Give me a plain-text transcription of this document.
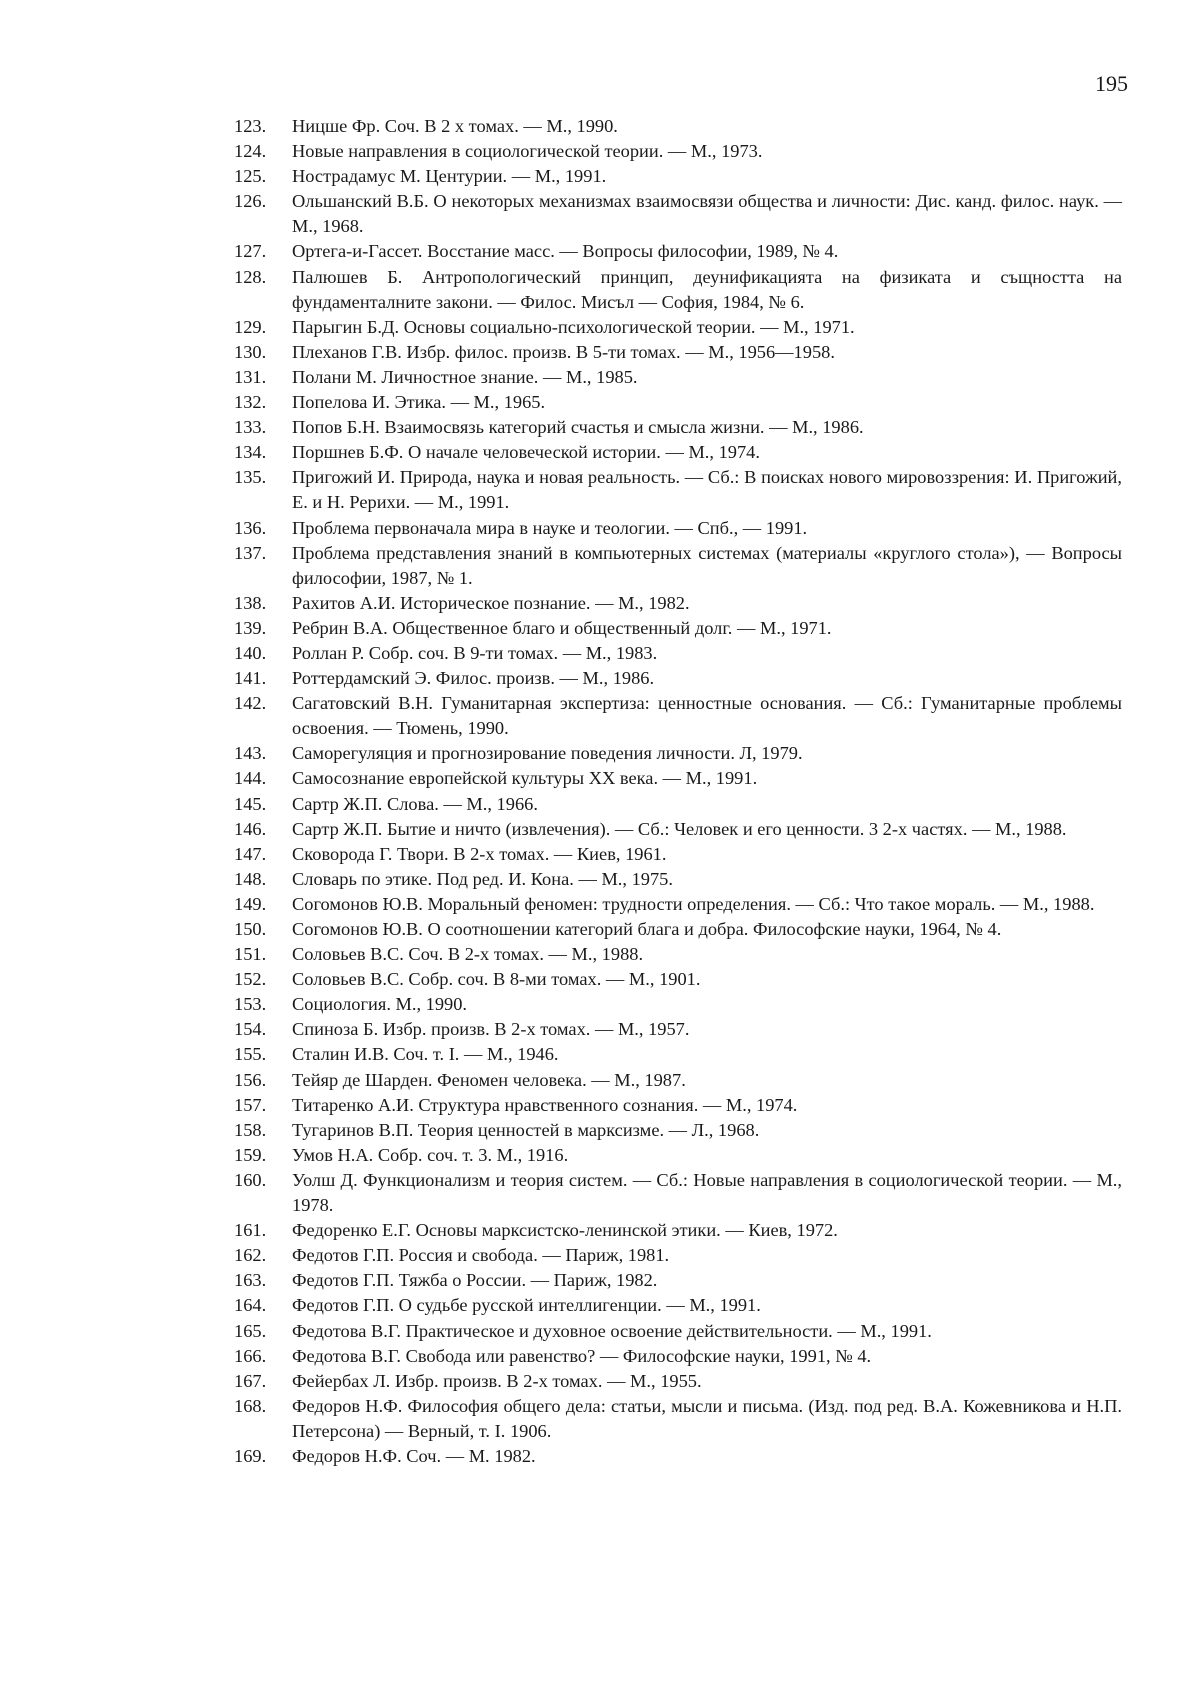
195
123.	Ницше Фр. Соч. В 2 х томах. — М., 1990.
124.	Новые направления в социологической теории. — М., 1973.
125.	Нострадамус М. Центурии. — М., 1991.
126.	Ольшанский В.Б. О некоторых механизмах взаимосвязи общества и личности: Дис. канд. филос. наук. — М., 1968.
127.	Ортега-и-Гассет. Восстание масс. — Вопросы философии, 1989, № 4.
128.	Палюшев Б. Антропологический принцип, деунификацията на физиката и същността на фундаменталните закони. — Филос. Мисъл — София, 1984, № 6.
129.	Парыгин Б.Д. Основы социально-психологической теории. — М., 1971.
130.	Плеханов Г.В. Избр. филос. произв. В 5-ти томах. — М., 1956—1958.
131.	Полани М. Личностное знание. — М., 1985.
132.	Попелова И. Этика. — М., 1965.
133.	Попов Б.Н. Взаимосвязь категорий счастья и смысла жизни. — М., 1986.
134.	Поршнев Б.Ф. О начале человеческой истории. — М., 1974.
135.	Пригожий И. Природа, наука и новая реальность. — Сб.: В поисках нового мировоззрения: И. Пригожий, Е. и Н. Рерихи. — М., 1991.
136.	Проблема первоначала мира в науке и теологии. — Спб., — 1991.
137.	Проблема представления знаний в компьютерных системах (материалы «круглого стола»), — Вопросы философии, 1987, № 1.
138.	Рахитов А.И. Историческое познание. — М., 1982.
139.	Ребрин В.А. Общественное благо и общественный долг. — М., 1971.
140.	Роллан Р. Собр. соч. В 9-ти томах. — М., 1983.
141.	Роттердамский Э. Филос. произв. — М., 1986.
142.	Сагатовский В.Н. Гуманитарная экспертиза: ценностные основания. — Сб.: Гуманитарные проблемы освоения. — Тюмень, 1990.
143.	Саморегуляция и прогнозирование поведения личности. Л, 1979.
144.	Самосознание европейской культуры XX века. — М., 1991.
145.	Сартр Ж.П. Слова. — М., 1966.
146.	Сартр Ж.П. Бытие и ничто (извлечения). — Сб.: Человек и его ценности. 3 2-х частях. — М., 1988.
147.	Сковорода Г. Твори. В 2-х томах. — Киев, 1961.
148.	Словарь по этике. Под ред. И. Кона. — М., 1975.
149.	Согомонов Ю.В. Моральный феномен: трудности определения. — Сб.: Что такое мораль. — М., 1988.
150.	Согомонов Ю.В. О соотношении категорий блага и добра. Философские науки, 1964, № 4.
151.	Соловьев В.С. Соч. В 2-х томах. — М., 1988.
152.	Соловьев В.С. Собр. соч. В 8-ми томах. — М., 1901.
153.	Социология. М., 1990.
154.	Спиноза Б. Избр. произв. В 2-х томах. — М., 1957.
155.	Сталин И.В. Соч. т. I. — М., 1946.
156.	Тейяр де Шарден. Феномен человека. — М., 1987.
157.	Титаренко А.И. Структура нравственного сознания. — М., 1974.
158.	Тугаринов В.П. Теория ценностей в марксизме. — Л., 1968.
159.	Умов Н.А. Собр. соч. т. 3. М., 1916.
160.	Уолш Д. Функционализм и теория систем. — Сб.: Новые направления в социологической теории. — М., 1978.
161.	Федоренко Е.Г. Основы марксистско-ленинской этики. — Киев, 1972.
162.	Федотов Г.П. Россия и свобода. — Париж, 1981.
163.	Федотов Г.П. Тяжба о России. — Париж, 1982.
164.	Федотов Г.П. О судьбе русской интеллигенции. — М., 1991.
165.	Федотова В.Г. Практическое и духовное освоение действительности. — М., 1991.
166.	Федотова В.Г. Свобода или равенство? — Философские науки, 1991, № 4.
167.	Фейербах Л. Избр. произв. В 2-х томах. — М., 1955.
168.	Федоров Н.Ф. Философия общего дела: статьи, мысли и письма. (Изд. под ред. В.А. Кожевникова и Н.П. Петерсона) — Верный, т. I. 1906.
169.	Федоров Н.Ф. Соч. — М. 1982.
